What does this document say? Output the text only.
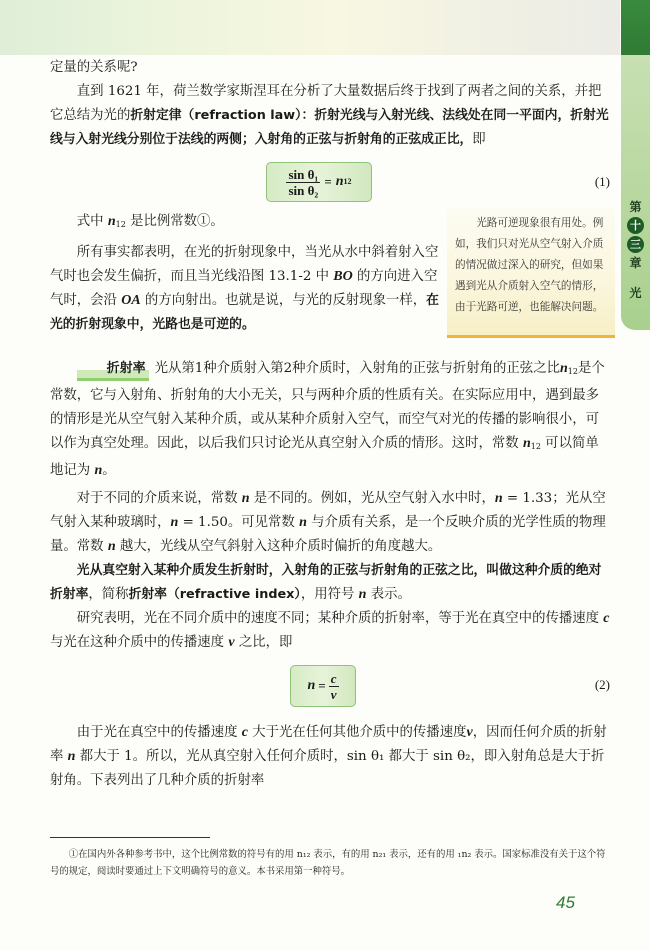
第
十
三
章
光

定量的关系呢?

直到 1621 年，荷兰数学家斯涅耳在分析了大量数据后终于找到了两者之间的关系，并把它总结为光的折射定律（refraction law）：折射光线与入射光线、法线处在同一平面内，折射光线与入射光线分别位于法线的两侧；入射角的正弦与折射角的正弦成正比，即

$\frac{\text{sin θ₁}}{\text{sin θ₂}} = n$ 12	(1)

式中 $n_{12}$ 是比例常数①。

所有事实都表明，在光的折射现象中，当光从水中斜着射入空气时也会发生偏折，而且当光线沿图 13.1-2 中 BO 的方向进入空气时，会沿 OA 的方向射出。也就是说，与光的反射现象一样，在光的折射现象中，光路也是可逆的。

折射率 光从第1种介质射入第2种介质时，入射角的正弦与折射角的正弦之比$n_{12}$是个常数，它与入射角、折射角的大小无关，只与两种介质的性质有关。在实际应用中，遇到最多的情形是光从空气射入某种介质，或从某种介质射入空气，而空气对光的传播的影响很小，可以作为真空处理。因此，以后我们只讨论光从真空射入介质的情形。这时，常数 $n_{12}$ 可以简单地记为 n。

对于不同的介质来说，常数 n 是不同的。例如，光从空气射入水中时，n = 1.33；光从空气射入某种玻璃时，n = 1.50。可见常数 n 与介质有关系，是一个反映介质的光学性质的物理量。常数 n 越大，光线从空气斜射入这种介质时偏折的角度越大。

光从真空射入某种介质发生折射时，入射角的正弦与折射角的正弦之比，叫做这种介质的绝对折射率，简称折射率（refractive index），用符号 n 表示。

研究表明，光在不同介质中的速度不同；某种介质的折射率，等于光在真空中的传播速度 c 与光在这种介质中的传播速度 v 之比，即

$n = \frac{c}{v}$	(2)

由于光在真空中的传播速度 c 大于光在任何其他介质中的传播速度v，因而任何介质的折射率 n 都大于 1。所以，光从真空射入任何介质时，sin θ₁ 都大于 sin θ₂，即入射角总是大于折射角。下表列出了几种介质的折射率

光路可逆现象很有用处。例如，我们只对光从空气射入介质的情况做过深入的研究，但如果遇到光从介质射入空气的情形，由于光路可逆，也能解决问题。
①在国内外各种参考书中，这个比例常数的符号有的用 n₁₂ 表示，有的用 n₂₁ 表示，还有的用 ₁n₂ 表示。国家标准没有关于这个符号的规定，阅读时要通过上下文明确符号的意义。本书采用第一种符号。
45
